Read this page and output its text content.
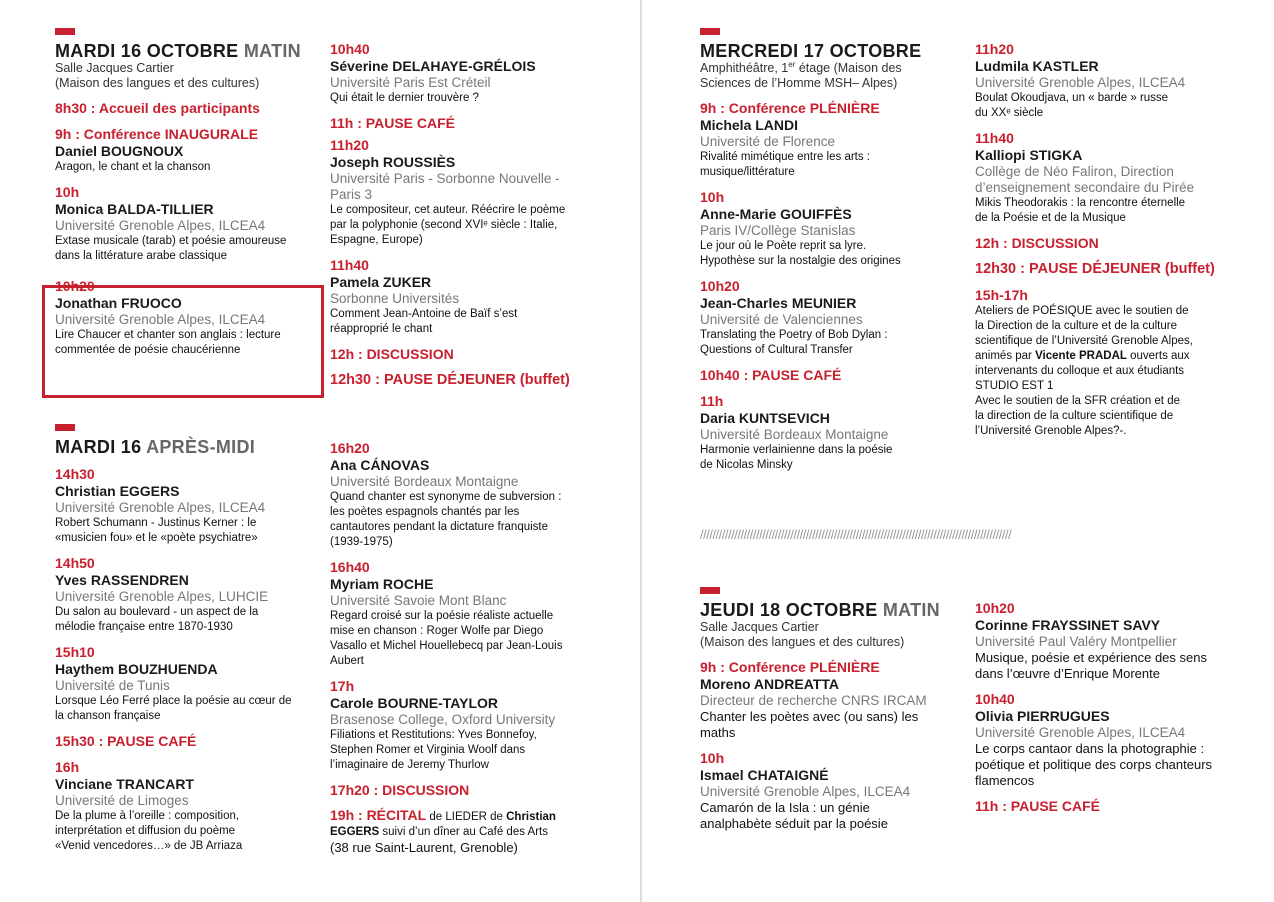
MARDI 16 OCTOBRE MATIN
Salle Jacques Cartier
(Maison des langues et des cultures)
8h30 : Accueil des participants
9h : Conférence INAUGURALE
Daniel BOUGNOUX
Aragon, le chant et la chanson
10h
Monica BALDA-TILLIER
Université Grenoble Alpes, ILCEA4
Extase musicale (tarab) et poésie amoureuse
dans la littérature arabe classique
10h20
Jonathan FRUOCO
Université Grenoble Alpes, ILCEA4
Lire Chaucer et chanter son anglais : lecture
commentée de poésie chaucérienne
10h40
Séverine DELAHAYE-GRÉLOIS
Université Paris Est Créteil
Qui était le dernier trouvère ?
11h : PAUSE CAFÉ
11h20
Joseph ROUSSIÈS
Université Paris - Sorbonne Nouvelle -
Paris 3
Le compositeur, cet auteur. Réécrire le poème
par la polyphonie (second XVIᵉ siècle : Italie,
Espagne, Europe)
11h40
Pamela ZUKER
Sorbonne Universités
Comment Jean-Antoine de Baïf s’est
réapproprié le chant
12h : DISCUSSION
12h30 : PAUSE DÉJEUNER (buffet)
MARDI 16 APRÈS-MIDI
14h30
Christian EGGERS
Université Grenoble Alpes, ILCEA4
Robert Schumann - Justinus Kerner : le
«musicien fou» et le «poète psychiatre»
14h50
Yves RASSENDREN
Université Grenoble Alpes, LUHCIE
Du salon au boulevard - un aspect de la
mélodie française entre 1870-1930
15h10
Haythem BOUZHUENDA
Université de Tunis
Lorsque Léo Ferré place la poésie au cœur de
la chanson française
15h30 : PAUSE CAFÉ
16h
Vinciane TRANCART
Université de Limoges
De la plume à l’oreille : composition,
interprétation et diffusion du poème
«Venid vencedores…» de JB Arriaza
16h20
Ana CÁNOVAS
Université Bordeaux Montaigne
Quand chanter est synonyme de subversion :
les poètes espagnols chantés par les
cantautores pendant la dictature franquiste
(1939-1975)
16h40
Myriam ROCHE
Université Savoie Mont Blanc
Regard croisé sur la poésie réaliste actuelle
mise en chanson : Roger Wolfe par Diego
Vasallo et Michel Houellebecq par Jean-Louis
Aubert
17h
Carole BOURNE-TAYLOR
Brasenose College, Oxford University
Filiations et Restitutions: Yves Bonnefoy,
Stephen Romer et Virginia Woolf dans
l’imaginaire de Jeremy Thurlow
17h20 : DISCUSSION
19h : RÉCITAL de LIEDER de Christian
EGGERS suivi d’un dîner au Café des Arts
(38 rue Saint-Laurent, Grenoble)
MERCREDI 17 OCTOBRE
Amphithéâtre, 1er étage (Maison des
Sciences de l’Homme MSH– Alpes)
9h : Conférence PLÉNIÈRE
Michela LANDI
Université de Florence
Rivalité mimétique entre les arts :
musique/littérature
10h
Anne-Marie GOUIFFÈS
Paris IV/Collège Stanislas
Le jour où le Poète reprit sa lyre.
Hypothèse sur la nostalgie des origines
10h20
Jean-Charles MEUNIER
Université de Valenciennes
Translating the Poetry of Bob Dylan :
Questions of Cultural Transfer
10h40 : PAUSE CAFÉ
11h
Daria KUNTSEVICH
Université Bordeaux Montaigne
Harmonie verlainienne dans la poésie
de Nicolas Minsky
11h20
Ludmila KASTLER
Université Grenoble Alpes, ILCEA4
Boulat Okoudjava, un « barde » russe
du XXᵉ siècle
11h40
Kalliopi STIGKA
Collège de Néo Faliron, Direction
d’enseignement secondaire du Pirée
Mikis Theodorakis : la rencontre éternelle
de la Poésie et de la Musique
12h : DISCUSSION
12h30 : PAUSE DÉJEUNER (buffet)
15h-17h
Ateliers de POÉSIQUE avec le soutien de
la Direction de la culture et de la culture
scientifique de l’Université Grenoble Alpes,
animés par Vicente PRADAL ouverts aux
intervenants du colloque et aux étudiants
STUDIO EST 1
Avec le soutien de la SFR création et de
la direction de la culture scientifique de
l’Université Grenoble Alpes?-.
////////////////////////////////////////////////////////////////////////////////////////////////////
JEUDI 18 OCTOBRE MATIN
Salle Jacques Cartier
(Maison des langues et des cultures)
9h : Conférence PLÉNIÈRE
Moreno ANDREATTA
Directeur de recherche CNRS IRCAM
Chanter les poètes avec (ou sans) les
maths
10h
Ismael CHATAIGNÉ
Université Grenoble Alpes, ILCEA4
Camarón de la Isla : un génie
analphabète séduit par la poésie
10h20
Corinne FRAYSSINET SAVY
Université Paul Valéry Montpellier
Musique, poésie et expérience des sens
dans l’œuvre d’Enrique Morente
10h40
Olivia PIERRUGUES
Université Grenoble Alpes, ILCEA4
Le corps cantaor dans la photographie :
poétique et politique des corps chanteurs
flamencos
11h : PAUSE CAFÉ
